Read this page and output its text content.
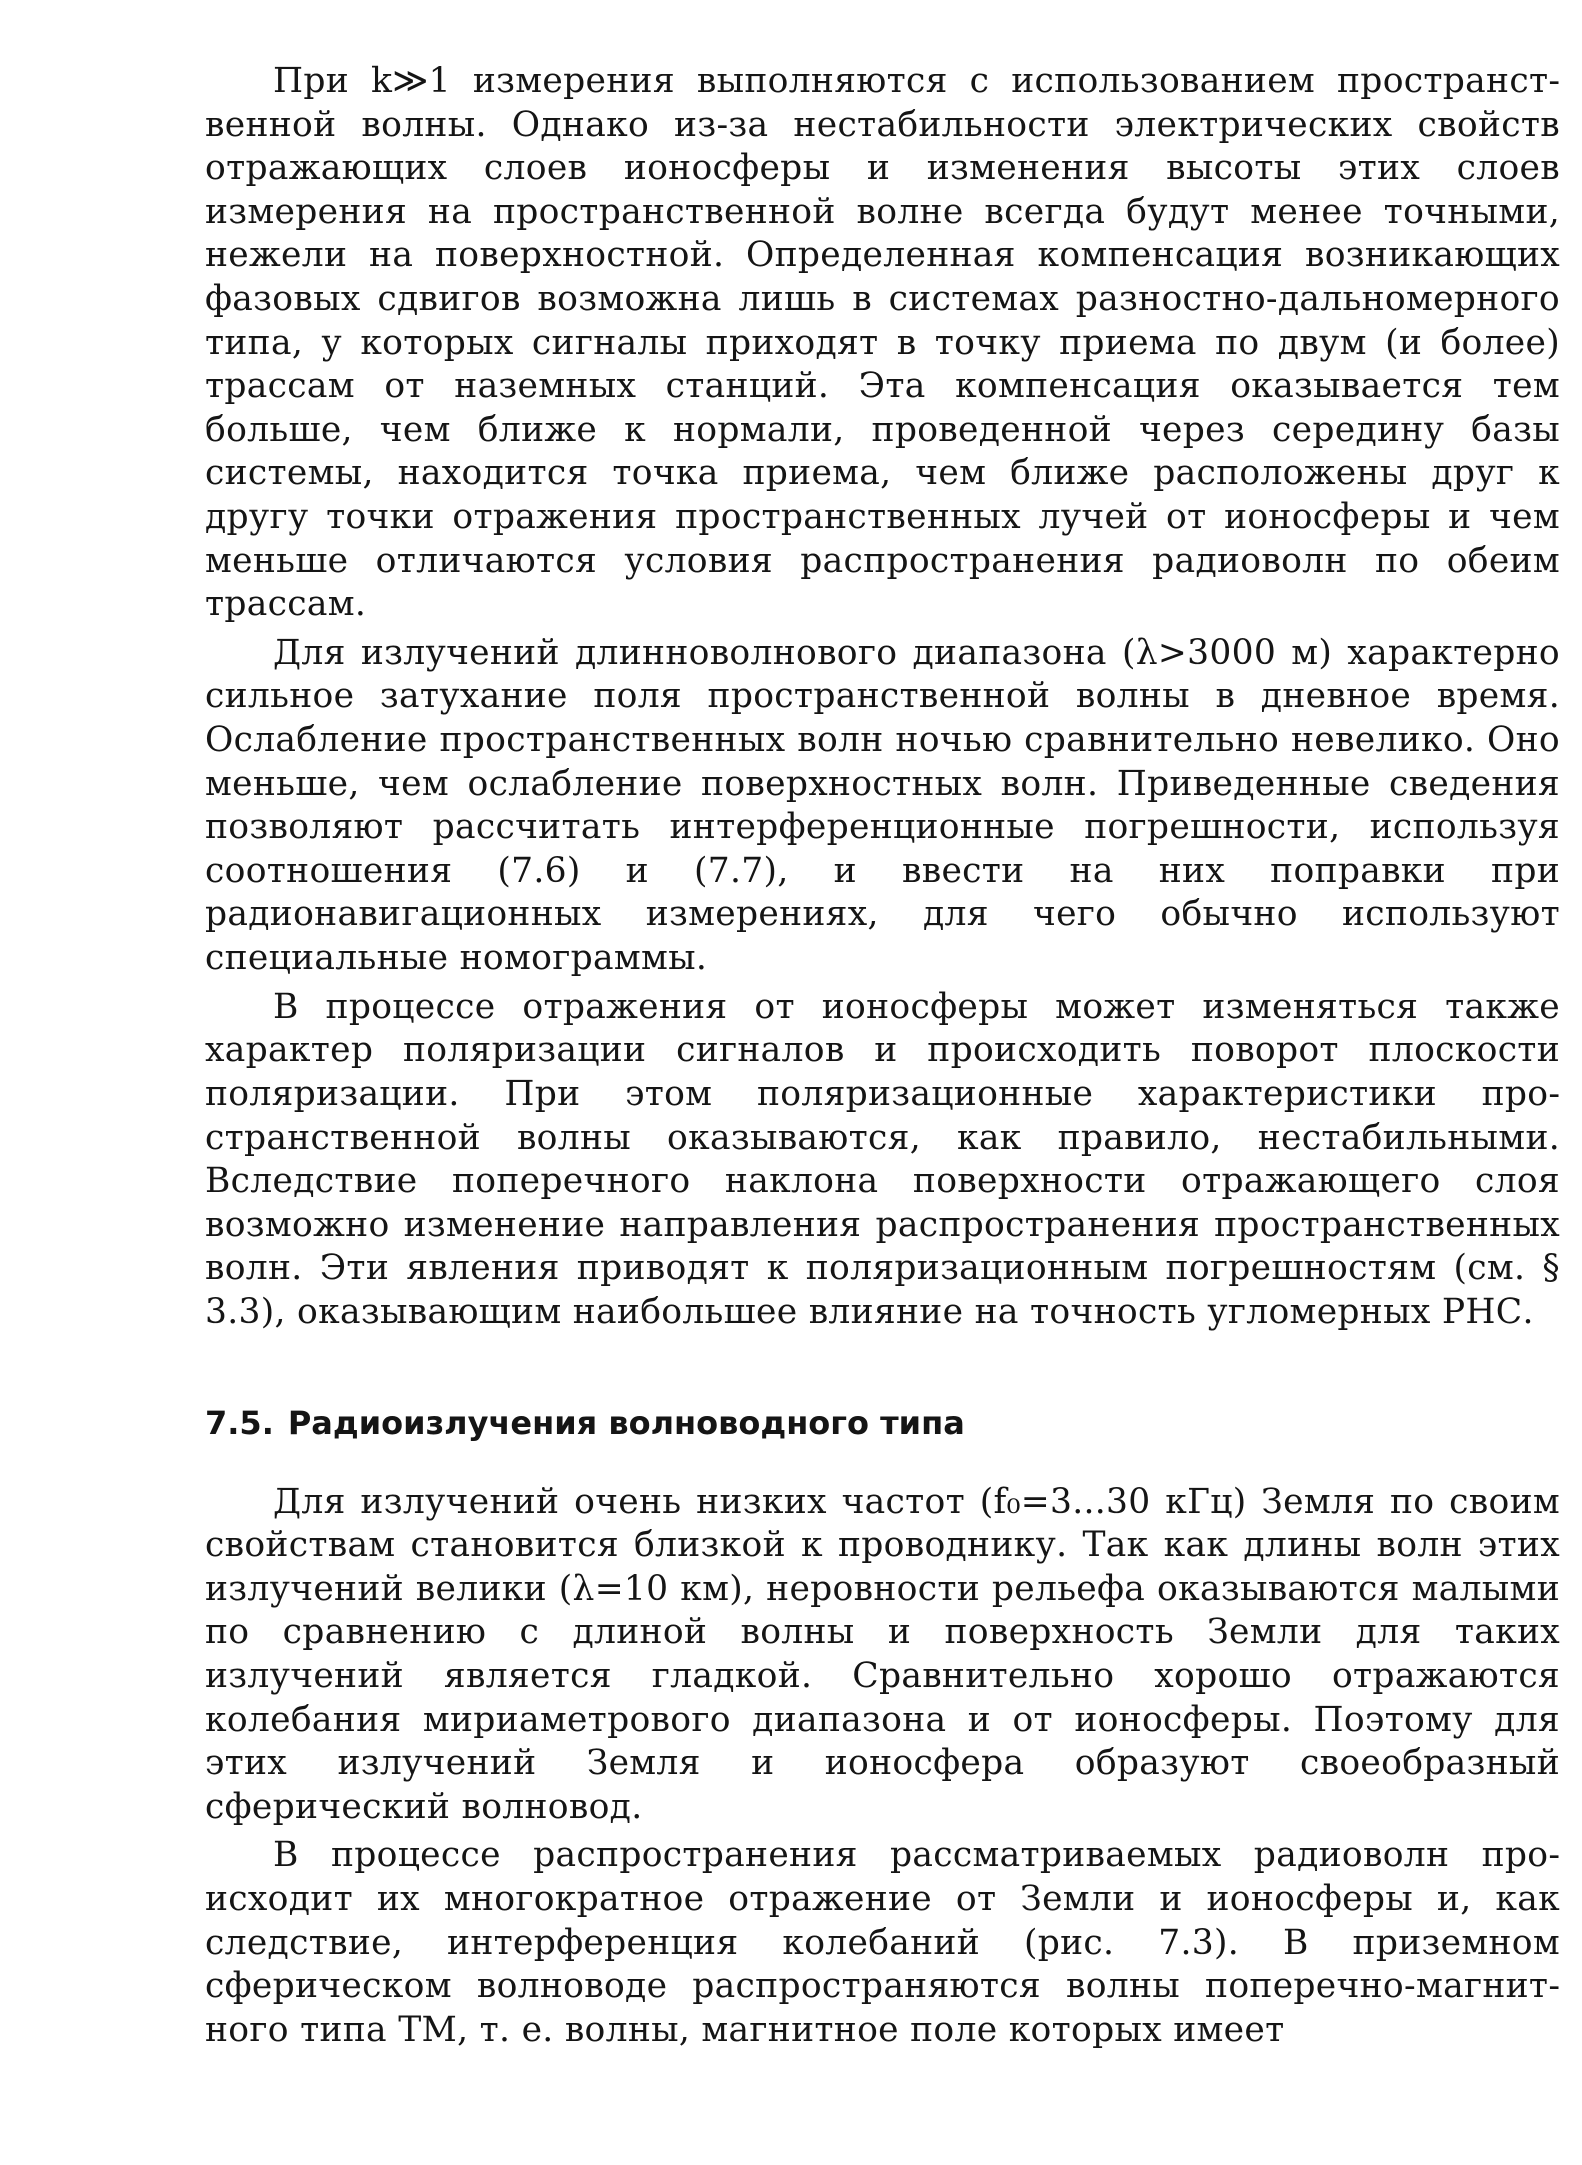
При k≫1 измерения выполняются с использованием пространственной волны. Однако из-за нестабильности электрических свойств отражающих слоев ионосферы и изменения высоты этих слоев измерения на пространственной волне всегда будут менее точными, нежели на поверхностной. Определенная компенсация возникающих фазовых сдвигов возможна лишь в системах разностно-дальномерного типа, у которых сигналы приходят в точку приема по двум (и более) трассам от наземных станций. Эта компенсация оказывается тем больше, чем ближе к нормали, проведенной через середину базы системы, находится точка приема, чем ближе расположены друг к другу точки отражения пространственных лучей от ионосферы и чем меньше отличаются условия распространения радиоволн по обеим трассам.

Для излучений длинноволнового диапазона (λ>3000 м) характерно сильное затухание поля пространственной волны в дневное время. Ослабление пространственных волн ночью сравнительно невелико. Оно меньше, чем ослабление поверхностных волн. Приведенные сведения позволяют рассчитать интерференционные погрешности, используя соотношения (7.6) и (7.7), и ввести на них поправки при радионавигационных измерениях, для чего обычно используют специальные номограммы.

В процессе отражения от ионосферы может изменяться также характер поляризации сигналов и происходить поворот плоскости поляризации. При этом поляризационные характеристики пространственной волны оказываются, как правило, нестабильными. Вследствие поперечного наклона поверхности отражающего слоя возможно изменение направления распространения пространственных волн. Эти явления приводят к поляризационным погрешностям (см. § 3.3), оказывающим наибольшее влияние на точность угломерных РНС.

7.5. Радиоизлучения волноводного типа

Для излучений очень низких частот (f₀=3...30 кГц) Земля по своим свойствам становится близкой к проводнику. Так как длины волн этих излучений велики (λ=10 км), неровности рельефа оказываются малыми по сравнению с длиной волны и поверхность Земли для таких излучений является гладкой. Сравнительно хорошо отражаются колебания мириаметрового диапазона и от ионосферы. Поэтому для этих излучений Земля и ионосфера образуют своеобразный сферический волновод.

В процессе распространения рассматриваемых радиоволн происходит их многократное отражение от Земли и ионосферы и, как следствие, интерференция колебаний (рис. 7.3). В приземном сферическом волноводе распространяются волны поперечно-магнитного типа TM, т. е. волны, магнитное поле которых имеет
